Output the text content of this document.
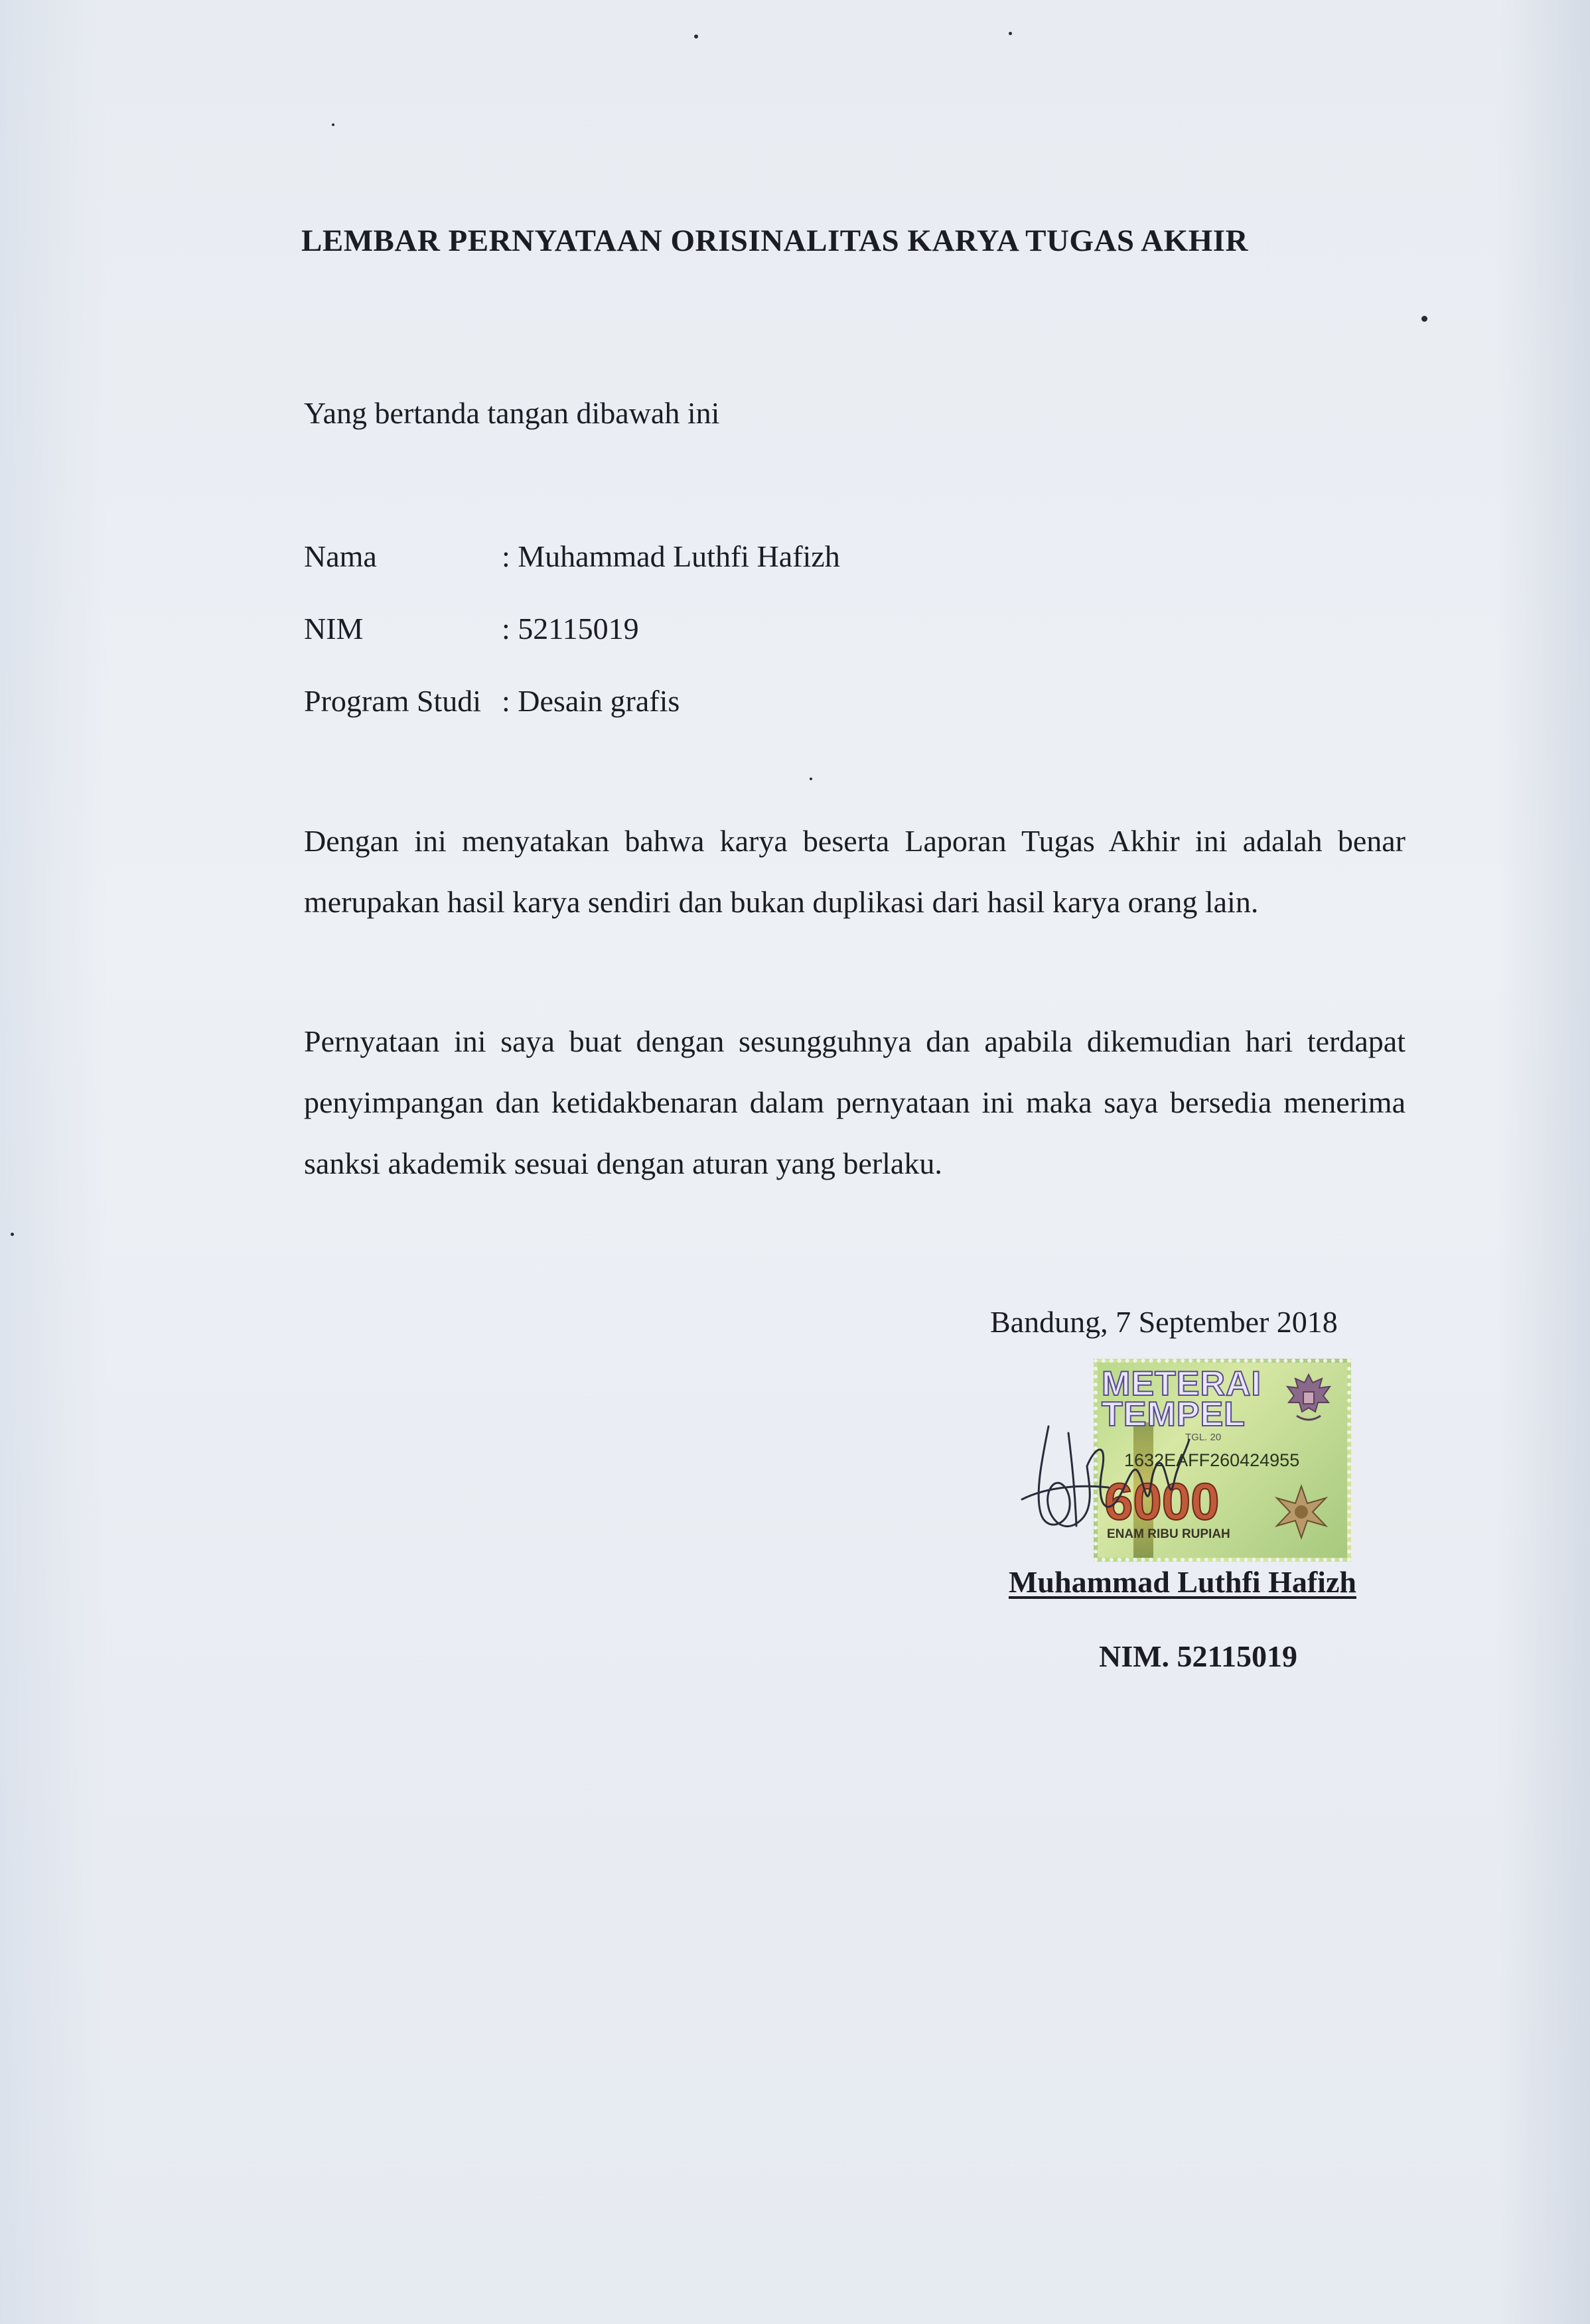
LEMBAR PERNYATAAN ORISINALITAS KARYA TUGAS AKHIR
Yang bertanda tangan dibawah ini
Nama	: Muhammad Luthfi Hafizh
NIM	: 52115019
Program Studi : Desain grafis
Dengan ini menyatakan bahwa karya beserta Laporan Tugas Akhir ini adalah benar merupakan hasil karya sendiri dan bukan duplikasi dari hasil karya orang lain.
Pernyataan ini saya buat dengan sesungguhnya dan apabila dikemudian hari terdapat penyimpangan dan ketidakbenaran dalam pernyataan ini maka saya bersedia menerima sanksi akademik sesuai dengan aturan yang berlaku.
Bandung, 7 September 2018
METERAI
TEMPEL
TGL. 20
1632EAFF260424955
6000
ENAM RIBU RUPIAH
Muhammad Luthfi Hafizh
NIM. 52115019
